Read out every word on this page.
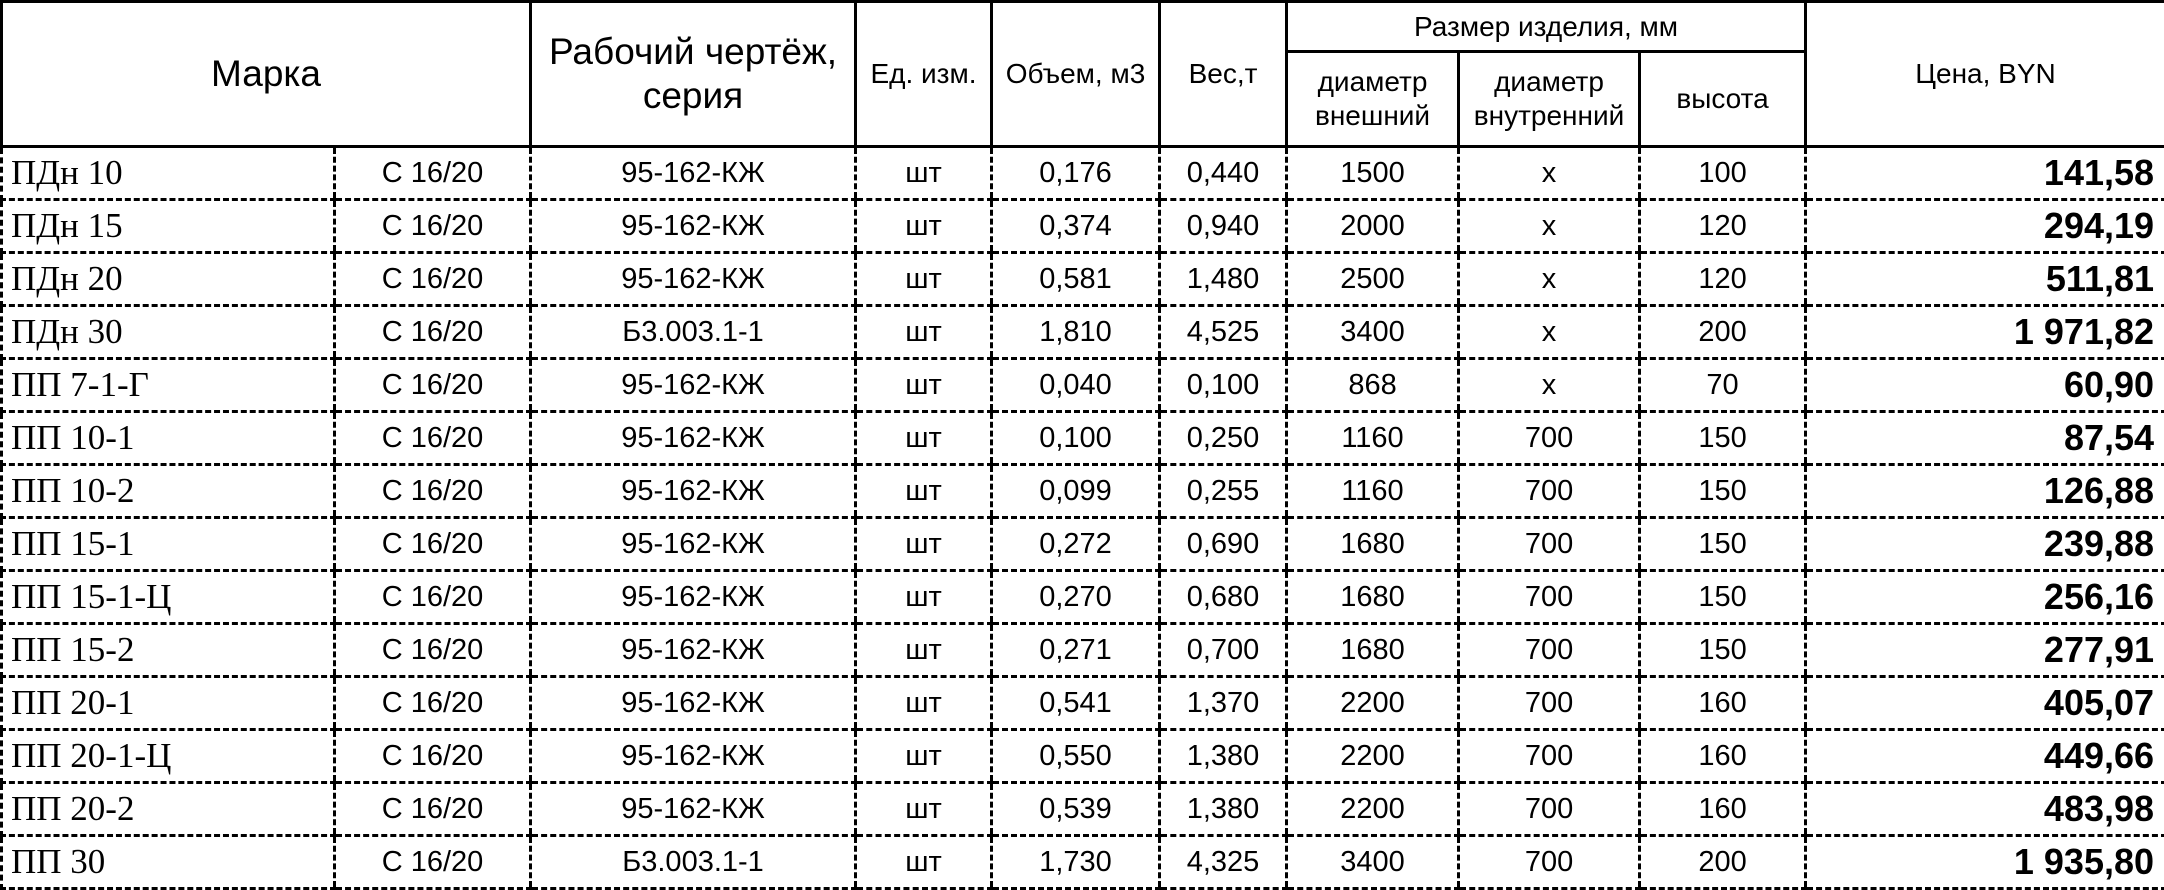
Марка		Рабочий чертёж, серия	Ед. изм.	Объем, м3	Вес,т	Размер изделия, мм			Цена, BYN
						диаметр внешний	диаметр внутренний	высота	
ПДн 10	С 16/20	95-162-КЖ	шт	0,176	0,440	1500	х	100	141,58
ПДн 15	С 16/20	95-162-КЖ	шт	0,374	0,940	2000	х	120	294,19
ПДн 20	С 16/20	95-162-КЖ	шт	0,581	1,480	2500	х	120	511,81
ПДн 30	С 16/20	Б3.003.1-1	шт	1,810	4,525	3400	х	200	1 971,82
ПП 7-1-Г	С 16/20	95-162-КЖ	шт	0,040	0,100	868	х	70	60,90
ПП 10-1	С 16/20	95-162-КЖ	шт	0,100	0,250	1160	700	150	87,54
ПП 10-2	С 16/20	95-162-КЖ	шт	0,099	0,255	1160	700	150	126,88
ПП 15-1	С 16/20	95-162-КЖ	шт	0,272	0,690	1680	700	150	239,88
ПП 15-1-Ц	С 16/20	95-162-КЖ	шт	0,270	0,680	1680	700	150	256,16
ПП 15-2	С 16/20	95-162-КЖ	шт	0,271	0,700	1680	700	150	277,91
ПП 20-1	С 16/20	95-162-КЖ	шт	0,541	1,370	2200	700	160	405,07
ПП 20-1-Ц	С 16/20	95-162-КЖ	шт	0,550	1,380	2200	700	160	449,66
ПП 20-2	С 16/20	95-162-КЖ	шт	0,539	1,380	2200	700	160	483,98
ПП 30	С 16/20	Б3.003.1-1	шт	1,730	4,325	3400	700	200	1 935,80
